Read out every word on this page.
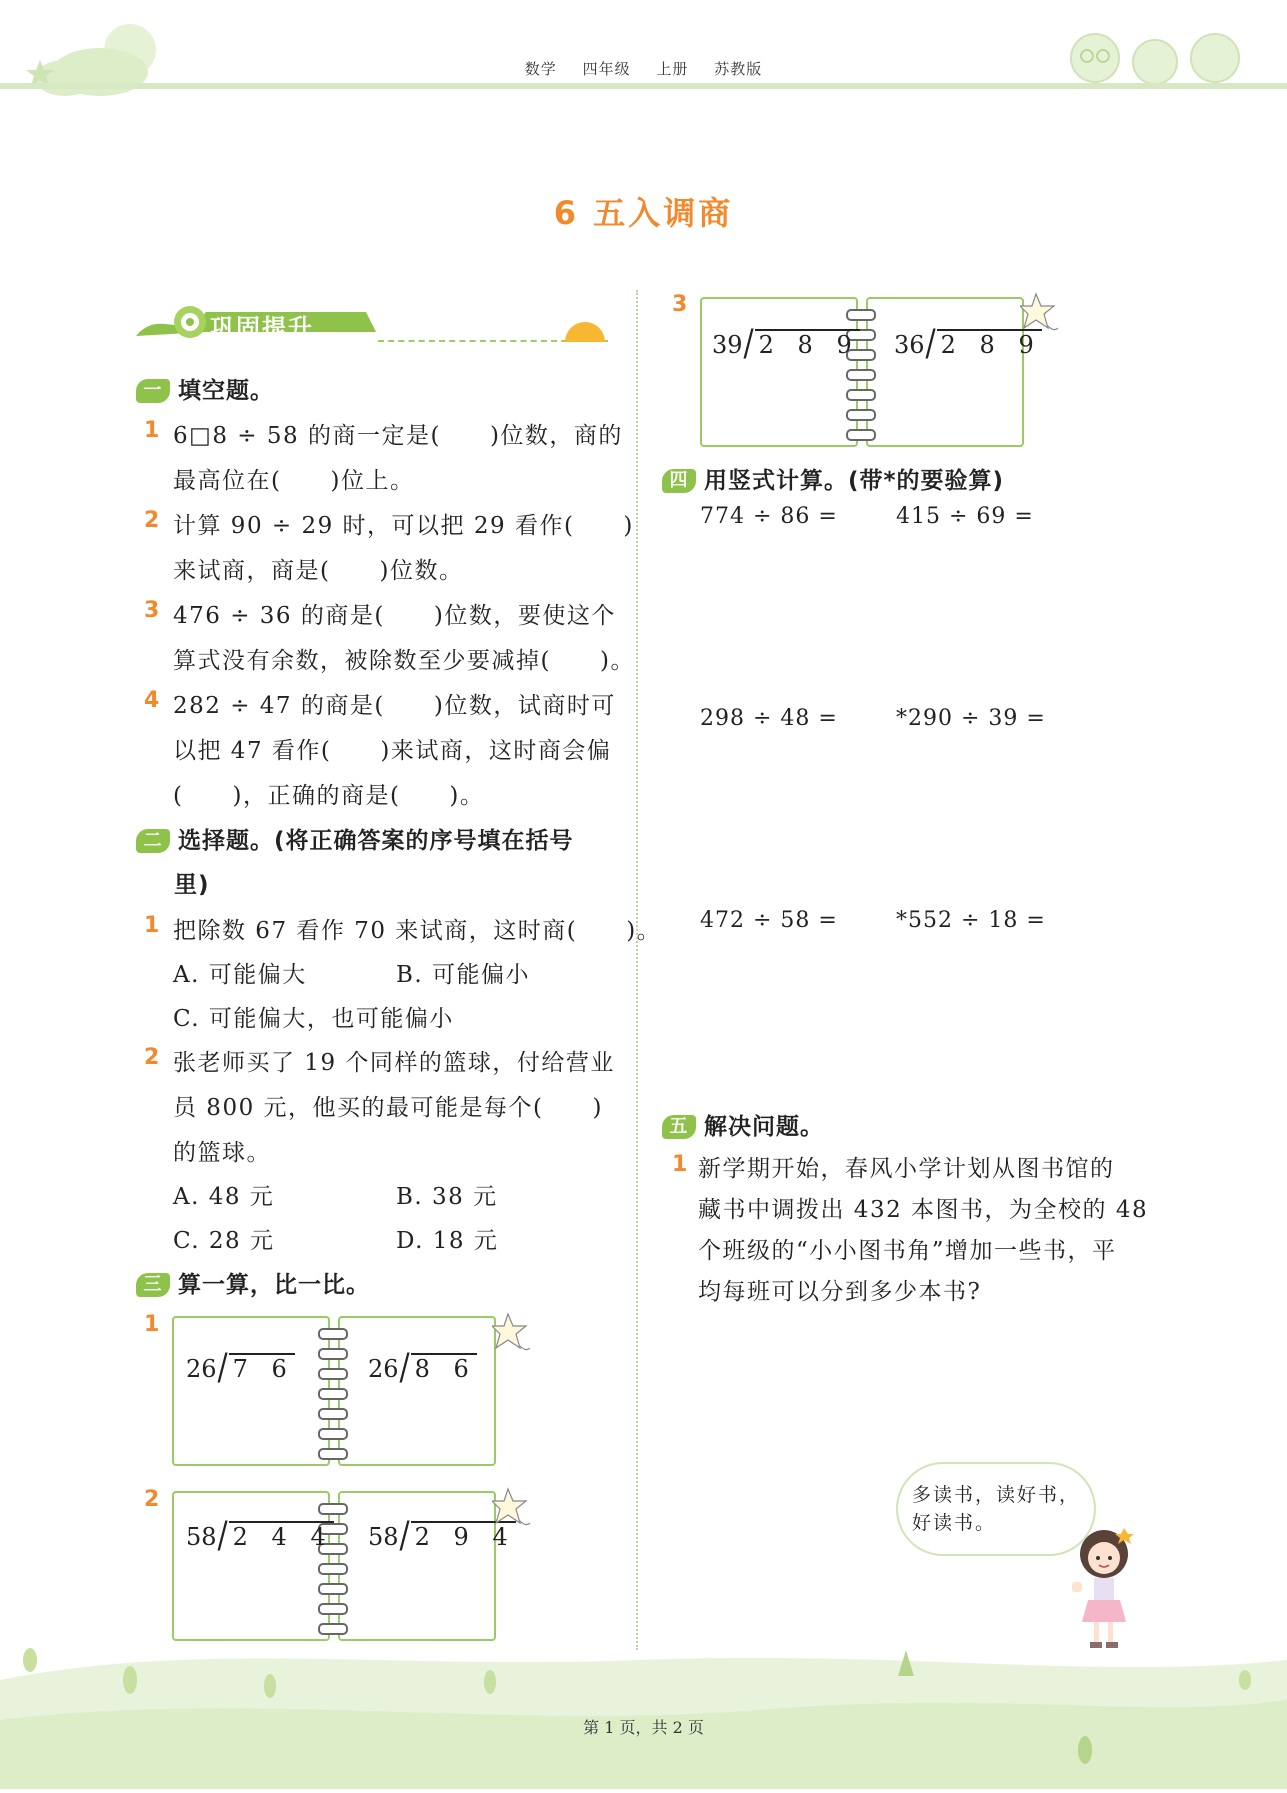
数学 四年级 上册 苏教版
6 五入调商
巩固提升
一 填空题。
1 6□8 ÷ 58 的商一定是(　　)位数，商的
最高位在(　　)位上。
2 计算 90 ÷ 29 时，可以把 29 看作(　　)
来试商，商是(　　)位数。
3 476 ÷ 36 的商是(　　)位数，要使这个
算式没有余数，被除数至少要减掉(　　)。
4 282 ÷ 47 的商是(　　)位数，试商时可
以把 47 看作(　　)来试商，这时商会偏
(　　)，正确的商是(　　)。
二 选择题。(将正确答案的序号填在括号
里)
1 把除数 67 看作 70 来试商，这时商(　　)。
A. 可能偏大	B. 可能偏小
C. 可能偏大，也可能偏小
2 张老师买了 19 个同样的篮球，付给营业
员 800 元，他买的最可能是每个(　　)
的篮球。
A. 48 元	B. 38 元
C. 28 元	D. 18 元
三 算一算，比一比。
1
26/ 7 6	26/ 8 6
2
58/ 2 4 4 58/ 2 9 4
3
39/ 2 8 9 36/ 2 8 9
四 用竖式计算。(带*的要验算)
774 ÷ 86 =	415 ÷ 69 =
298 ÷ 48 =	*290 ÷ 39 =
472 ÷ 58 =	*552 ÷ 18 =
五 解决问题。
1 新学期开始，春风小学计划从图书馆的
藏书中调拨出 432 本图书，为全校的 48
个班级的“小小图书角”增加一些书，平
均每班可以分到多少本书?
多读书，读好书，
好读书。
第 1 页，共 2 页
